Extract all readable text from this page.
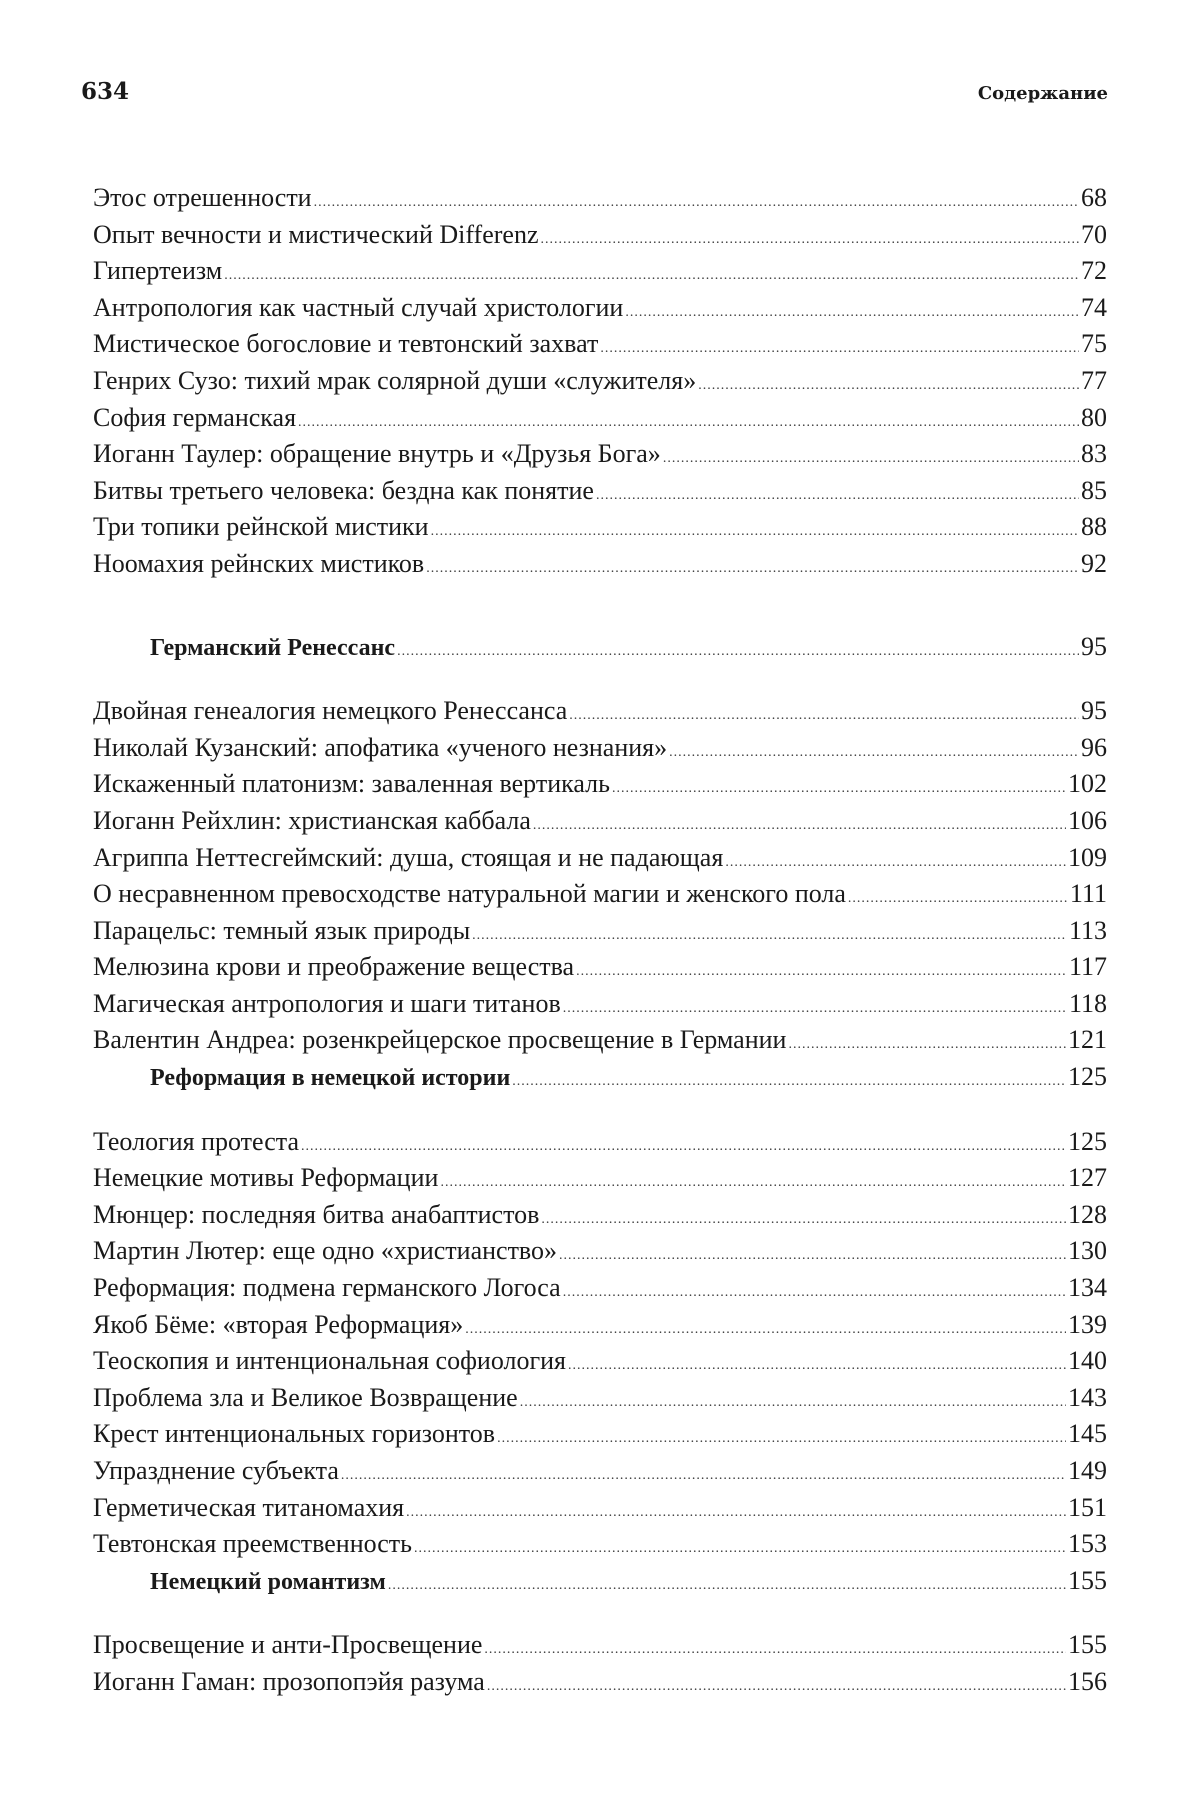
634	Содержание
Этос отрешенности .....	68
Опыт вечности и мистический Differenz .....	70
Гипертеизм .....	72
Антропология как частный случай христологии .....	74
Мистическое богословие и тевтонский захват .....	75
Генрих Сузо: тихий мрак солярной души «служителя» .....	77
София германская .....	80
Иоганн Таулер: обращение внутрь и «Друзья Бога» .....	83
Битвы третьего человека: бездна как понятие .....	85
Три топики рейнской мистики .....	88
Ноомахия рейнских мистиков .....	92
Германский Ренессанс .....	95
Двойная генеалогия немецкого Ренессанса .....	95
Николай Кузанский: апофатика «ученого незнания» .....	96
Искаженный платонизм: заваленная вертикаль .....	102
Иоганн Рейхлин: христианская каббала .....	106
Агриппа Неттесгеймский: душа, стоящая и не падающая .....	109
О несравненном превосходстве натуральной магии и женского пола .....	111
Парацельс: темный язык природы .....	113
Мелюзина крови и преображение вещества .....	117
Магическая антропология и шаги титанов .....	118
Валентин Андреа: розенкрейцерское просвещение в Германии .....	121
Реформация в немецкой истории .....	125
Теология протеста .....	125
Немецкие мотивы Реформации .....	127
Мюнцер: последняя битва анабаптистов .....	128
Мартин Лютер: еще одно «христианство» .....	130
Реформация: подмена германского Логоса .....	134
Якоб Бёме: «вторая Реформация» .....	139
Теоскопия и интенциональная софиология .....	140
Проблема зла и Великое Возвращение .....	143
Крест интенциональных горизонтов .....	145
Упразднение субъекта .....	149
Герметическая титаномахия .....	151
Тевтонская преемственность .....	153
Немецкий романтизм .....	155
Просвещение и анти-Просвещение .....	155
Иоганн Гаман: прозопопэйя разума .....	156
